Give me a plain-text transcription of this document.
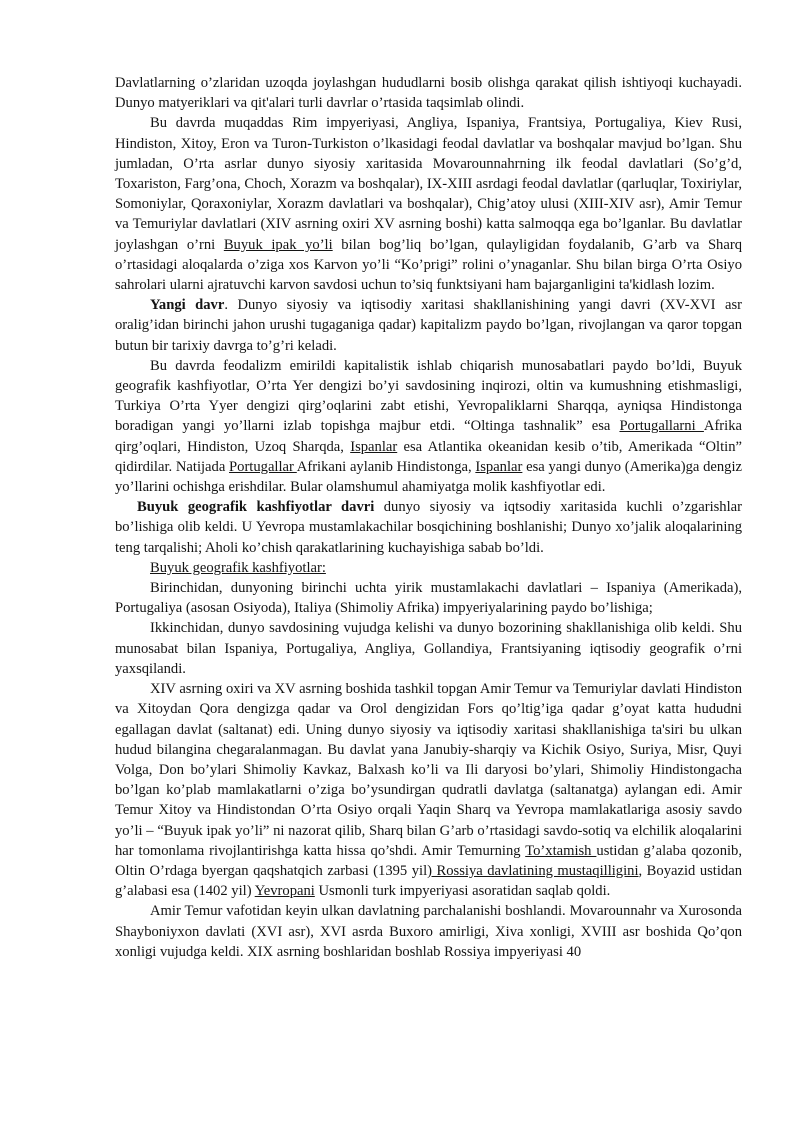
Davlatlarning o’zlaridan uzoqda joylashgan hududlarni bosib olishga qarakat qilish ishtiyoqi kuchayadi. Dunyo matyeriklari va qit'alari turli davrlar o’rtasida taqsimlab olindi.

Bu davrda muqaddas Rim impyeriyasi, Angliya, Ispaniya, Frantsiya, Portugaliya, Kiev Rusi, Hindiston, Xitoy, Eron va Turon-Turkiston o’lkasidagi feodal davlatlar va boshqalar mavjud bo’lgan. Shu jumladan, O’rta asrlar dunyo siyosiy xaritasida Movarounnahrning ilk feodal davlatlari (So’g’d, Toxariston, Farg’ona, Choch, Xorazm va boshqalar), IX-XIII asrdagi feodal davlatlar (qarluqlar, Toxiriylar, Somoniylar, Qoraxoniylar, Xorazm davlatlari va boshqalar), Chig’atoy ulusi (XIII-XIV asr), Amir Temur va Temuriylar davlatlari (XIV asrning oxiri XV asrning boshi) katta salmoqqa ega bo’lganlar. Bu davlatlar joylashgan o’rni Buyuk ipak yo’li bilan bog’liq bo’lgan, qulayligidan foydalanib, G’arb va Sharq o’rtasidagi aloqalarda o’ziga xos Karvon yo’li “Ko’prigi” rolini o’ynaganlar. Shu bilan birga O’rta Osiyo sahrolari ularni ajratuvchi karvon savdosi uchun to’siq funktsiyani ham bajarganligini ta'kidlash lozim.

Yangi davr. Dunyo siyosiy va iqtisodiy xaritasi shakllanishining yangi davri (XV-XVI asr oralig’idan birinchi jahon urushi tugaganiga qadar) kapitalizm paydo bo’lgan, rivojlangan va qaror topgan butun bir tarixiy davrga to’g’ri keladi.

Bu davrda feodalizm emirildi kapitalistik ishlab chiqarish munosabatlari paydo bo’ldi, Buyuk geografik kashfiyotlar, O’rta Yer dengizi bo’yi savdosining inqirozi, oltin va kumushning etishmasligi, Turkiya O’rta Yyer dengizi qirg’oqlarini zabt etishi, Yevropaliklarni Sharqqa, ayniqsa Hindistonga boradigan yangi yo’llarni izlab topishga majbur etdi. “Oltinga tashnalik” esa Portugallarni Afrika qirg’oqlari, Hindiston, Uzoq Sharqda, Ispanlar esa Atlantika okeanidan kesib o’tib, Amerikada “Oltin” qidirdilar. Natijada Portugallar Afrikani aylanib Hindistonga, Ispanlar esa yangi dunyo (Amerika)ga dengiz yo’llarini ochishga erishdilar. Bular olamshumul ahamiyatga molik kashfiyotlar edi.

Buyuk geografik kashfiyotlar davri dunyo siyosiy va iqtsodiy xaritasida kuchli o’zgarishlar bo’lishiga olib keldi. U Yevropa mustamlakachilar bosqichining boshlanishi; Dunyo xo’jalik aloqalarining teng tarqalishi; Aholi ko’chish qarakatlarining kuchayishiga sabab bo’ldi.

Buyuk geografik kashfiyotlar:

Birinchidan, dunyoning birinchi uchta yirik mustamlakachi davlatlari – Ispaniya (Amerikada), Portugaliya (asosan Osiyoda), Italiya (Shimoliy Afrika) impyeriyalarining paydo bo’lishiga;

Ikkinchidan, dunyo savdosining vujudga kelishi va dunyo bozorining shakllanishiga olib keldi. Shu munosabat bilan Ispaniya, Portugaliya, Angliya, Gollandiya, Frantsiyaning iqtisodiy geografik o’rni yaxsqilandi.

XIV asrning oxiri va XV asrning boshida tashkil topgan Amir Temur va Temuriylar davlati Hindiston va Xitoydan Qora dengizga qadar va Orol dengizidan Fors qo’ltig’iga qadar g’oyat katta hududni egallagan davlat (saltanat) edi. Uning dunyo siyosiy va iqtisodiy xaritasi shakllanishiga ta'siri bu ulkan hudud bilangina chegaralanmagan. Bu davlat yana Janubiy-sharqiy va Kichik Osiyo, Suriya, Misr, Quyi Volga, Don bo’ylari Shimoliy Kavkaz, Balxash ko’li va Ili daryosi bo’ylari, Shimoliy Hindistongacha bo’lgan ko’plab mamlakatlarni o’ziga bo’ysundirgan qudratli davlatga (saltanatga) aylangan edi. Amir Temur Xitoy va Hindistondan O’rta Osiyo orqali Yaqin Sharq va Yevropa mamlakatlariga asosiy savdo yo’li – “Buyuk ipak yo’li” ni nazorat qilib, Sharq bilan G’arb o’rtasidagi savdo-sotiq va elchilik aloqalarini har tomonlama rivojlantirishga katta hissa qo’shdi. Amir Temurning To’xtamish ustidan g’alaba qozonib, Oltin O’rdaga byergan qaqshatqich zarbasi (1395 yil) Rossiya davlatining mustaqilligini, Boyazid ustidan g’alabasi esa (1402 yil) Yevropani Usmonli turk impyeriyasi asoratidan saqlab qoldi.

Amir Temur vafotidan keyin ulkan davlatning parchalanishi boshlandi. Movarounnahr va Xurosonda Shayboniyxon davlati (XVI asr), XVI asrda Buxoro amirligi, Xiva xonligi, XVIII asr boshida Qo’qon xonligi vujudga keldi. XIX asrning boshlaridan boshlab Rossiya impyeriyasi 40
